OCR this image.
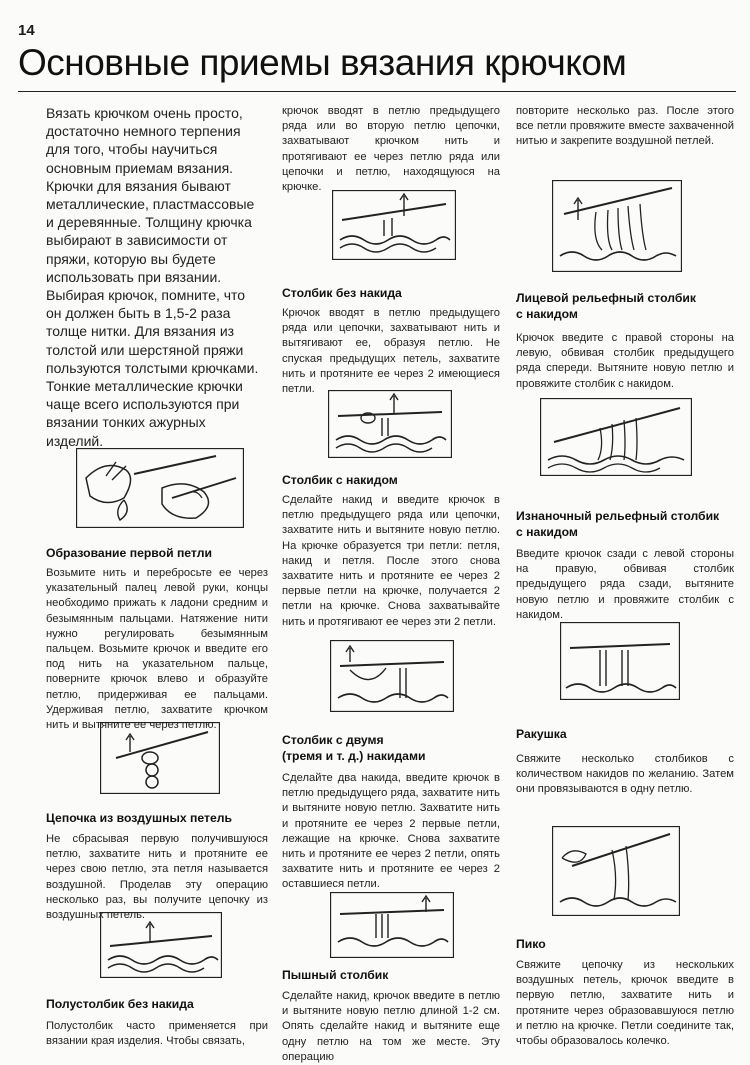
14
Основные приемы вязания крючком

Вязать крючком очень просто, достаточно немного терпения для того, чтобы научиться основным приемам вязания. Крючки для вязания бывают металлические, пластмассовые и деревянные. Толщину крючка выбирают в зависимости от пряжи, которую вы будете использовать при вязании. Выбирая крючок, помните, что он должен быть в 1,5-2 раза толще нитки. Для вязания из толстой или шерстяной пряжи пользуются толстыми крючками. Тонкие металлические крючки чаще всего используются при вязании тонких ажурных изделий.

Образование первой петли

Возьмите нить и перебросьте ее через указательный палец левой руки, концы необходимо прижать к ладони средним и безымянным пальцами. Натяжение нити нужно регулировать безымянным пальцем. Возьмите крючок и введите его под нить на указательном пальце, поверните крючок влево и образуйте петлю, придерживая ее пальцами. Удерживая петлю, захватите крючком нить и вытяните ее через петлю.

Цепочка из воздушных петель

Не сбрасывая первую получившуюся петлю, захватите нить и протяните ее через свою петлю, эта петля называется воздушной. Проделав эту операцию несколько раз, вы получите цепочку из воздушных петель.

Полустолбик без накида

Полустолбик часто применяется при вязании края изделия. Чтобы связать,

крючок вводят в петлю предыдущего ряда или во вторую петлю цепочки, захватывают крючком нить и протягивают ее через петлю ряда или цепочки и петлю, находящуюся на крючке.

Столбик без накида

Крючок вводят в петлю предыдущего ряда или цепочки, захватывают нить и вытягивают ее, образуя петлю. Не спуская предыдущих петель, захватите нить и протяните ее через 2 имеющиеся петли.

Столбик с накидом

Сделайте накид и введите крючок в петлю предыдущего ряда или цепочки, захватите нить и вытяните новую петлю. На крючке образуется три петли: петля, накид и петля. После этого снова захватите нить и протяните ее через 2 первые петли на крючке, получается 2 петли на крючке. Снова захватывайте нить и протягивают ее через эти 2 петли.

Столбик с двумя
(тремя и т. д.) накидами

Сделайте два накида, введите крючок в петлю предыдущего ряда, захватите нить и вытяните новую петлю. Захватите нить и протяните ее через 2 первые петли, лежащие на крючке. Снова захватите нить и протяните ее через 2 петли, опять захватите нить и протяните ее через 2 оставшиеся петли.

Пышный столбик

Сделайте накид, крючок введите в петлю и вытяните новую петлю длиной 1-2 см. Опять сделайте накид и вытяните еще одну петлю на том же месте. Эту операцию

повторите несколько раз. После этого все петли провяжите вместе захваченной нитью и закрепите воздушной петлей.

Лицевой рельефный столбик
с накидом

Крючок введите с правой стороны на левую, обвивая столбик предыдущего ряда спереди. Вытяните новую петлю и провяжите столбик с накидом.

Изнаночный рельефный столбик
с накидом

Введите крючок сзади с левой стороны на правую, обвивая столбик предыдущего ряда сзади, вытяните новую петлю и провяжите столбик с накидом.

Ракушка

Свяжите несколько столбиков с количеством накидов по желанию. Затем они провязываются в одну петлю.

Пико

Свяжите цепочку из нескольких воздушных петель, крючок введите в первую петлю, захватите нить и протяните через образовавшуюся петлю и петлю на крючке. Петли соедините так, чтобы образовалось колечко.
